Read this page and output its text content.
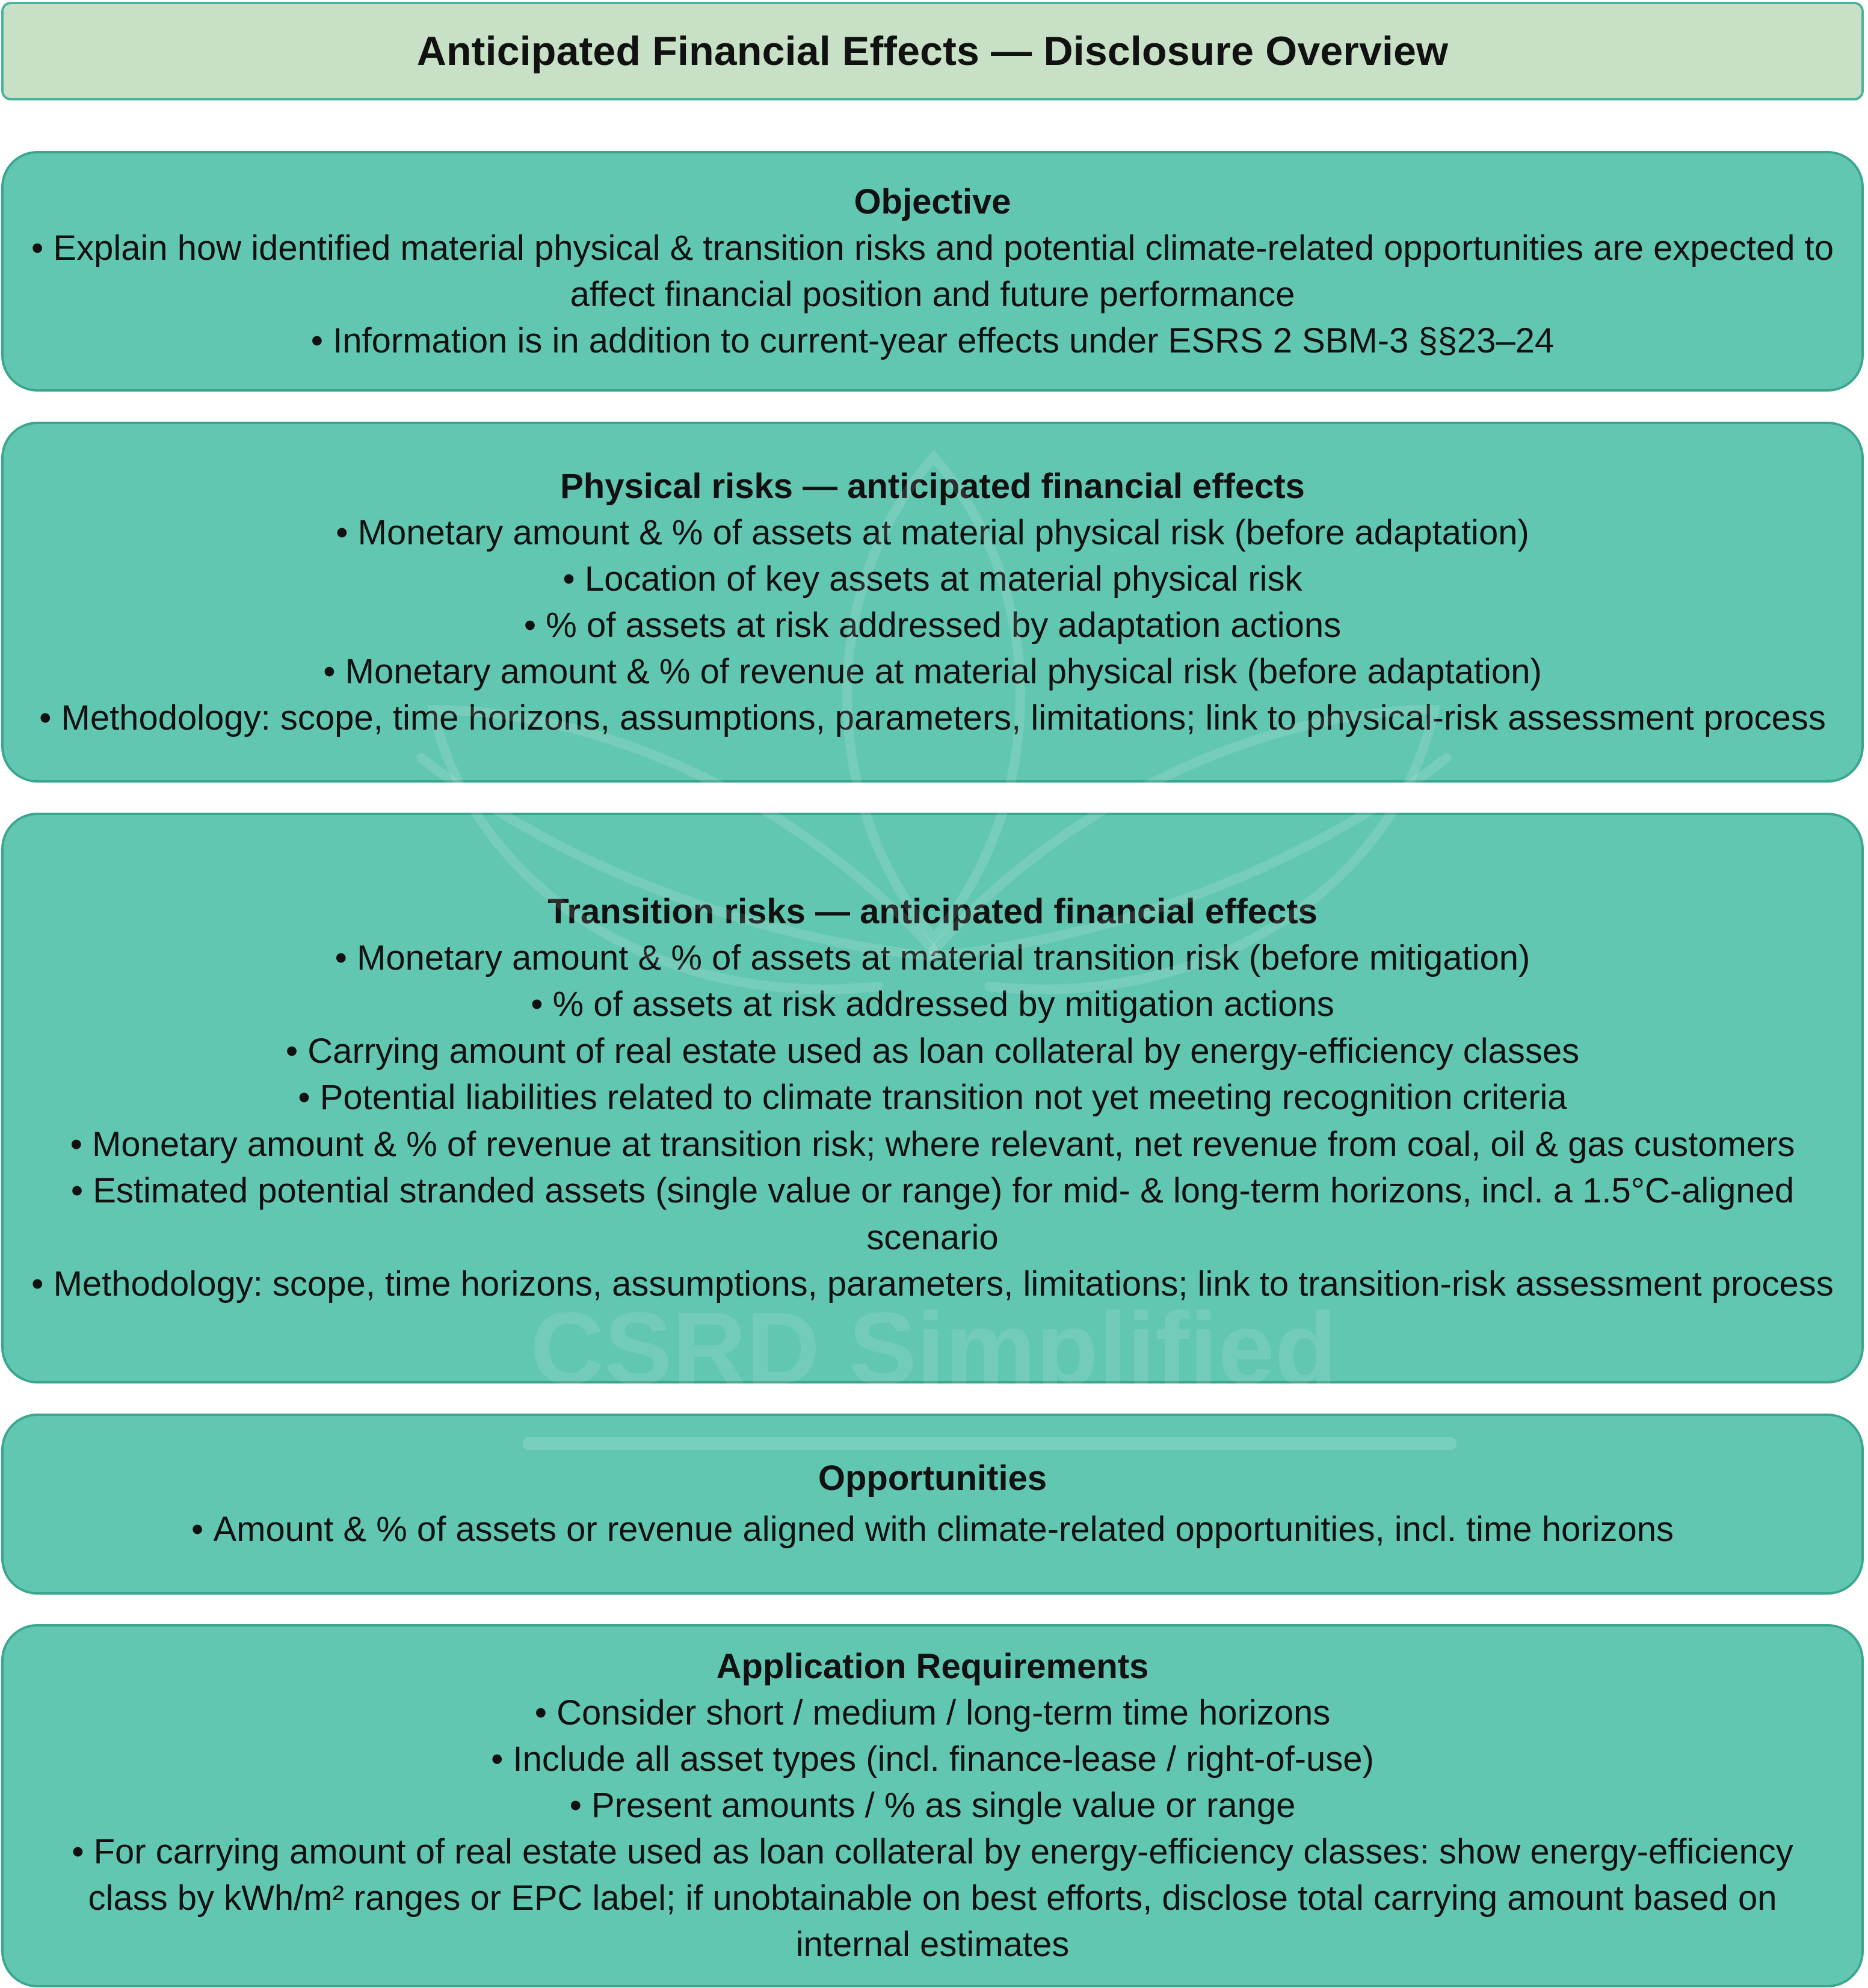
Anticipated Financial Effects — Disclosure Overview
Objective
• Explain how identified material physical & transition risks and potential climate-related opportunities are expected to affect financial position and future performance
• Information is in addition to current-year effects under ESRS 2 SBM-3 §§23–24
Physical risks — anticipated financial effects
• Monetary amount & % of assets at material physical risk (before adaptation)
• Location of key assets at material physical risk
• % of assets at risk addressed by adaptation actions
• Monetary amount & % of revenue at material physical risk (before adaptation)
• Methodology: scope, time horizons, assumptions, parameters, limitations; link to physical-risk assessment process
Transition risks — anticipated financial effects
• Monetary amount & % of assets at material transition risk (before mitigation)
• % of assets at risk addressed by mitigation actions
• Carrying amount of real estate used as loan collateral by energy-efficiency classes
• Potential liabilities related to climate transition not yet meeting recognition criteria
• Monetary amount & % of revenue at transition risk; where relevant, net revenue from coal, oil & gas customers
• Estimated potential stranded assets (single value or range) for mid- & long-term horizons, incl. a 1.5°C-aligned scenario
• Methodology: scope, time horizons, assumptions, parameters, limitations; link to transition-risk assessment process
Opportunities
• Amount & % of assets or revenue aligned with climate-related opportunities, incl. time horizons
Application Requirements
• Consider short / medium / long-term time horizons
• Include all asset types (incl. finance-lease / right-of-use)
• Present amounts / % as single value or range
• For carrying amount of real estate used as loan collateral by energy-efficiency classes: show energy-efficiency class by kWh/m² ranges or EPC label; if unobtainable on best efforts, disclose total carrying amount based on internal estimates
